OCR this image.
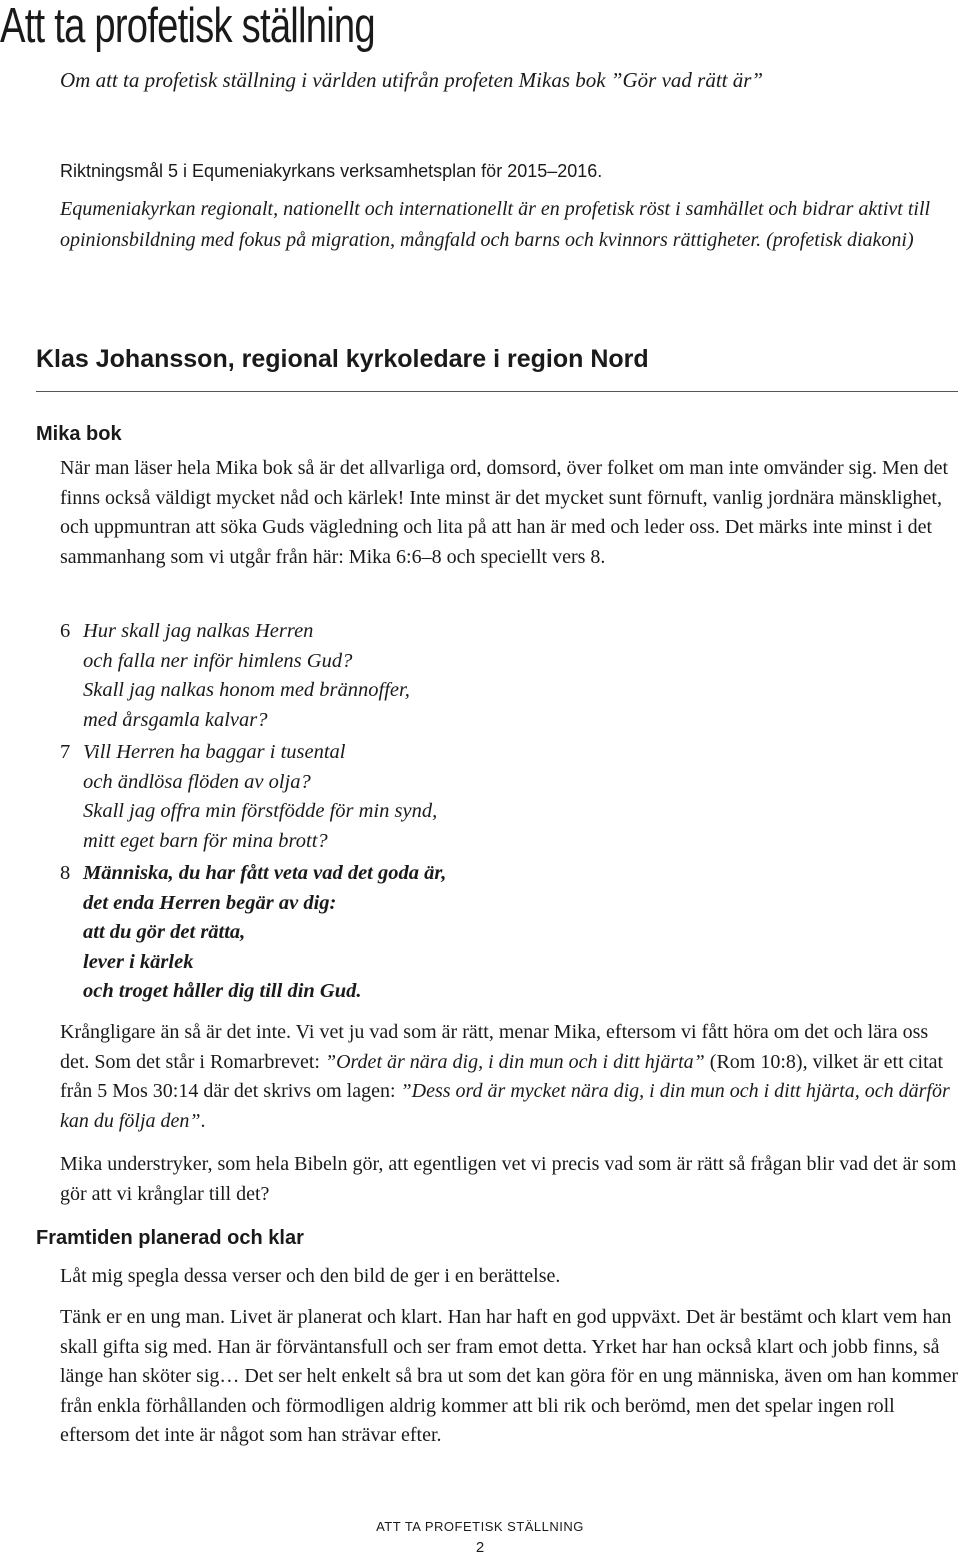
Att ta profetisk ställning
Om att ta profetisk ställning i världen utifrån profeten Mikas bok ”Gör vad rätt är”
Riktningsmål 5 i Equmeniakyrkans verksamhetsplan för 2015–2016.
Equmeniakyrkan regionalt, nationellt och internationellt är en profetisk röst i samhället och bidrar aktivt till opinionsbildning med fokus på migration, mångfald och barns och kvinnors rättigheter. (profetisk diakoni)
Klas Johansson, regional kyrkoledare i region Nord
Mika bok

När man läser hela Mika bok så är det allvarliga ord, domsord, över folket om man inte omvänder sig. Men det finns också väldigt mycket nåd och kärlek! Inte minst är det mycket sunt förnuft, vanlig jordnära mänsklighet, och uppmuntran att söka Guds vägledning och lita på att han är med och leder oss. Det märks inte minst i det sammanhang som vi utgår från här: Mika 6:6–8 och speciellt vers 8.

6 Hur skall jag nalkas Herren
och falla ner inför himlens Gud?
Skall jag nalkas honom med brännoffer,
med årsgamla kalvar?
7 Vill Herren ha baggar i tusental
och ändlösa flöden av olja?
Skall jag offra min förstfödde för min synd,
mitt eget barn för mina brott?
8 Människa, du har fått veta vad det goda är,
det enda Herren begär av dig:
att du gör det rätta,
lever i kärlek
och troget håller dig till din Gud.

Krångligare än så är det inte. Vi vet ju vad som är rätt, menar Mika, eftersom vi fått höra om det och lära oss det. Som det står i Romarbrevet: ”Ordet är nära dig, i din mun och i ditt hjärta” (Rom 10:8), vilket är ett citat från 5 Mos 30:14 där det skrivs om lagen: ”Dess ord är mycket nära dig, i din mun och i ditt hjärta, och därför kan du följa den”.

Mika understryker, som hela Bibeln gör, att egentligen vet vi precis vad som är rätt så frågan blir vad det är som gör att vi krånglar till det?

Framtiden planerad och klar

Låt mig spegla dessa verser och den bild de ger i en berättelse.

Tänk er en ung man. Livet är planerat och klart. Han har haft en god uppväxt. Det är bestämt och klart vem han skall gifta sig med. Han är förväntansfull och ser fram emot detta. Yrket har han också klart och jobb finns, så länge han sköter sig… Det ser helt enkelt så bra ut som det kan göra för en ung människa, även om han kommer från enkla förhållanden och förmodligen aldrig kommer att bli rik och berömd, men det spelar ingen roll eftersom det inte är något som han strävar efter.

ATT TA PROFETISK STÄLLNING
2
